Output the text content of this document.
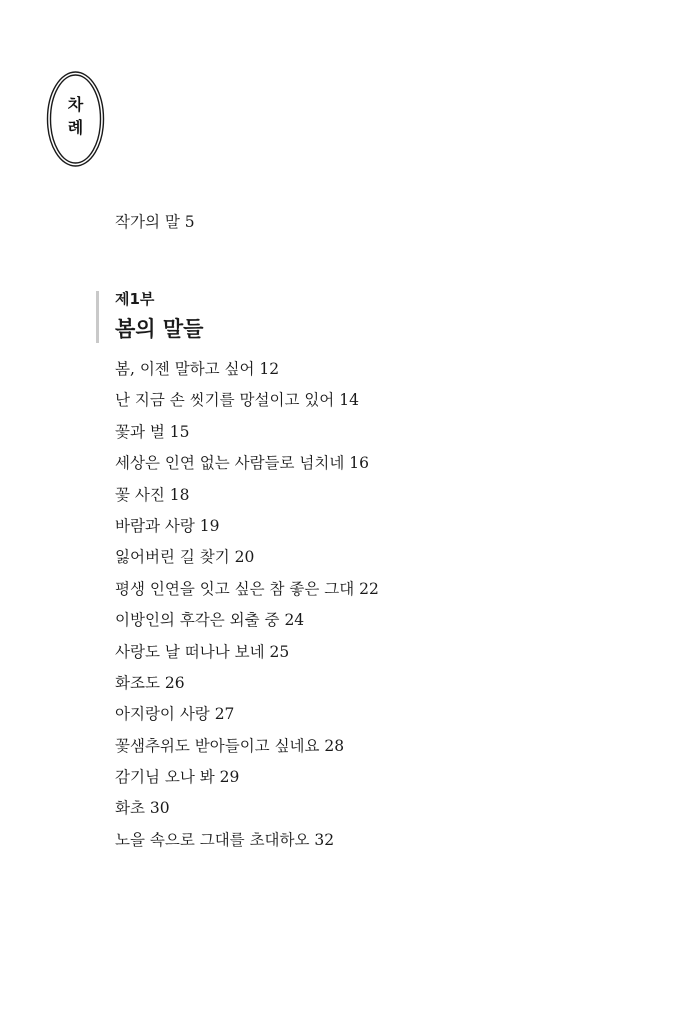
차
례
작가의 말 5
제1부
봄의 말들
봄, 이젠 말하고 싶어 12
난 지금 손 씻기를 망설이고 있어 14
꽃과 벌 15
세상은 인연 없는 사람들로 넘치네 16
꽃 사진 18
바람과 사랑 19
잃어버린 길 찾기 20
평생 인연을 잇고 싶은 참 좋은 그대 22
이방인의 후각은 외출 중 24
사랑도 날 떠나나 보네 25
화조도 26
아지랑이 사랑 27
꽃샘추위도 받아들이고 싶네요 28
감기님 오나 봐 29
화초 30
노을 속으로 그대를 초대하오 32
